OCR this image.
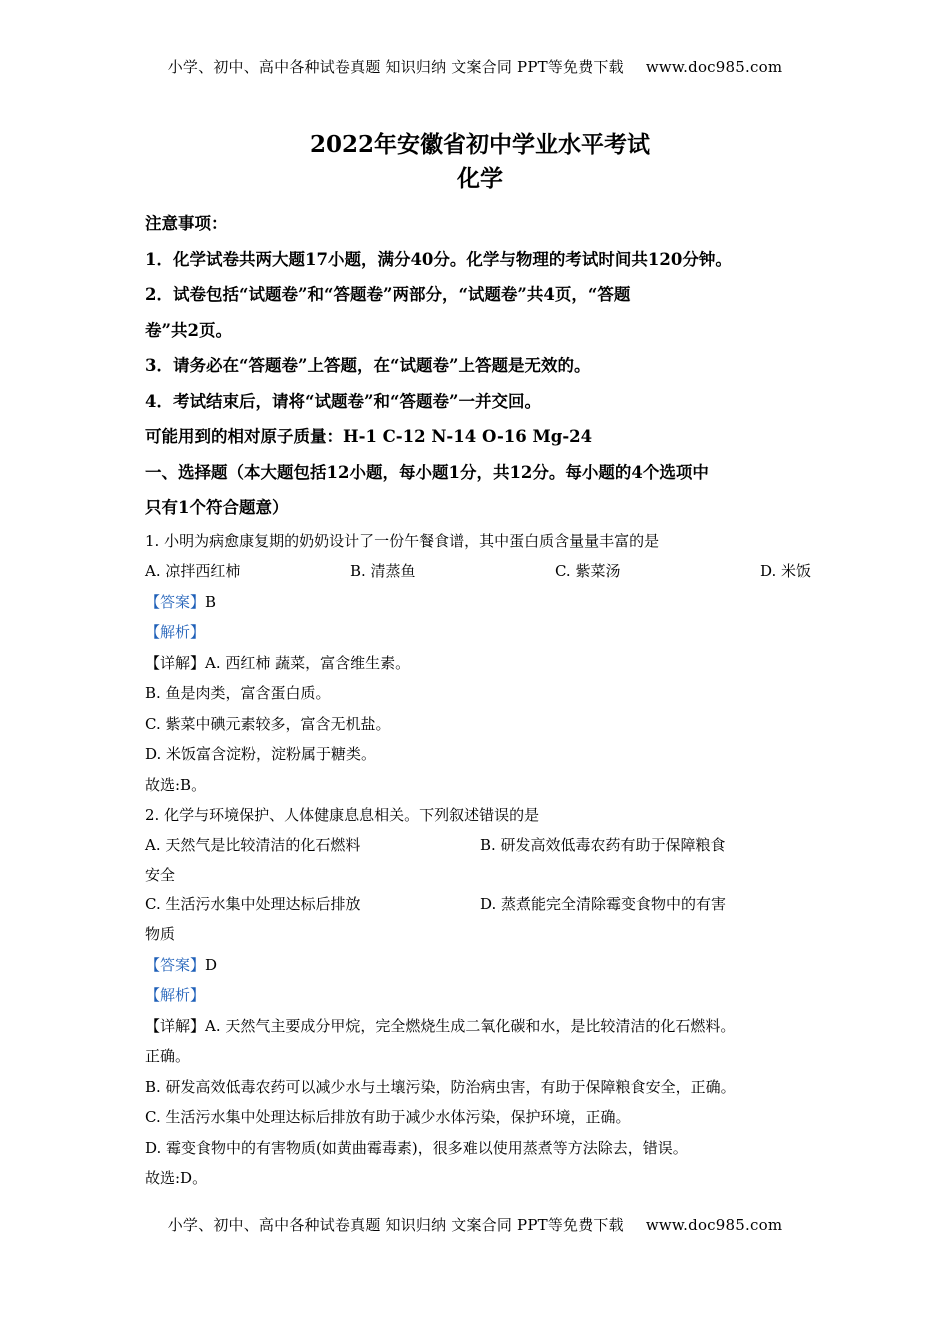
小学、初中、高中各种试卷真题 知识归纳 文案合同 PPT等免费下载 www.doc985.com
2022年安徽省初中学业水平考试
化学
注意事项：
1．化学试卷共两大题17小题，满分40分。化学与物理的考试时间共120分钟。
2．试卷包括“试题卷”和“答题卷”两部分，“试题卷”共4页，“答题
卷”共2页。
3．请务必在“答题卷”上答题，在“试题卷”上答题是无效的。
4．考试结束后，请将“试题卷”和“答题卷”一并交回。
可能用到的相对原子质量：H-1 C-12 N-14 O-16 Mg-24
一、选择题（本大题包括12小题，每小题1分，共12分。每小题的4个选项中
只有1个符合题意）
1. 小明为病愈康复期的奶奶设计了一份午餐食谱，其中蛋白质含量量丰富的是
A. 凉拌西红柿	B. 清蒸鱼	C. 紫菜汤	D. 米饭
【答案】B
【解析】
【详解】A. 西红柿 蔬菜，富含维生素。
B. 鱼是肉类，富含蛋白质。
C. 紫菜中碘元素较多，富含无机盐。
D. 米饭富含淀粉，淀粉属于糖类。
故选:B。
2. 化学与环境保护、人体健康息息相关。下列叙述错误的是
A. 天然气是比较清洁的化石燃料	B. 研发高效低毒农药有助于保障粮食
安全
C. 生活污水集中处理达标后排放	D. 蒸煮能完全清除霉变食物中的有害
物质
【答案】D
【解析】
【详解】A. 天然气主要成分甲烷，完全燃烧生成二氧化碳和水，是比较清洁的化石燃料。
正确。
B. 研发高效低毒农药可以减少水与土壤污染，防治病虫害，有助于保障粮食安全，正确。
C. 生活污水集中处理达标后排放有助于减少水体污染，保护环境，正确。
D. 霉变食物中的有害物质(如黄曲霉毒素)，很多难以使用蒸煮等方法除去，错误。
故选:D。
小学、初中、高中各种试卷真题 知识归纳 文案合同 PPT等免费下载 www.doc985.com
